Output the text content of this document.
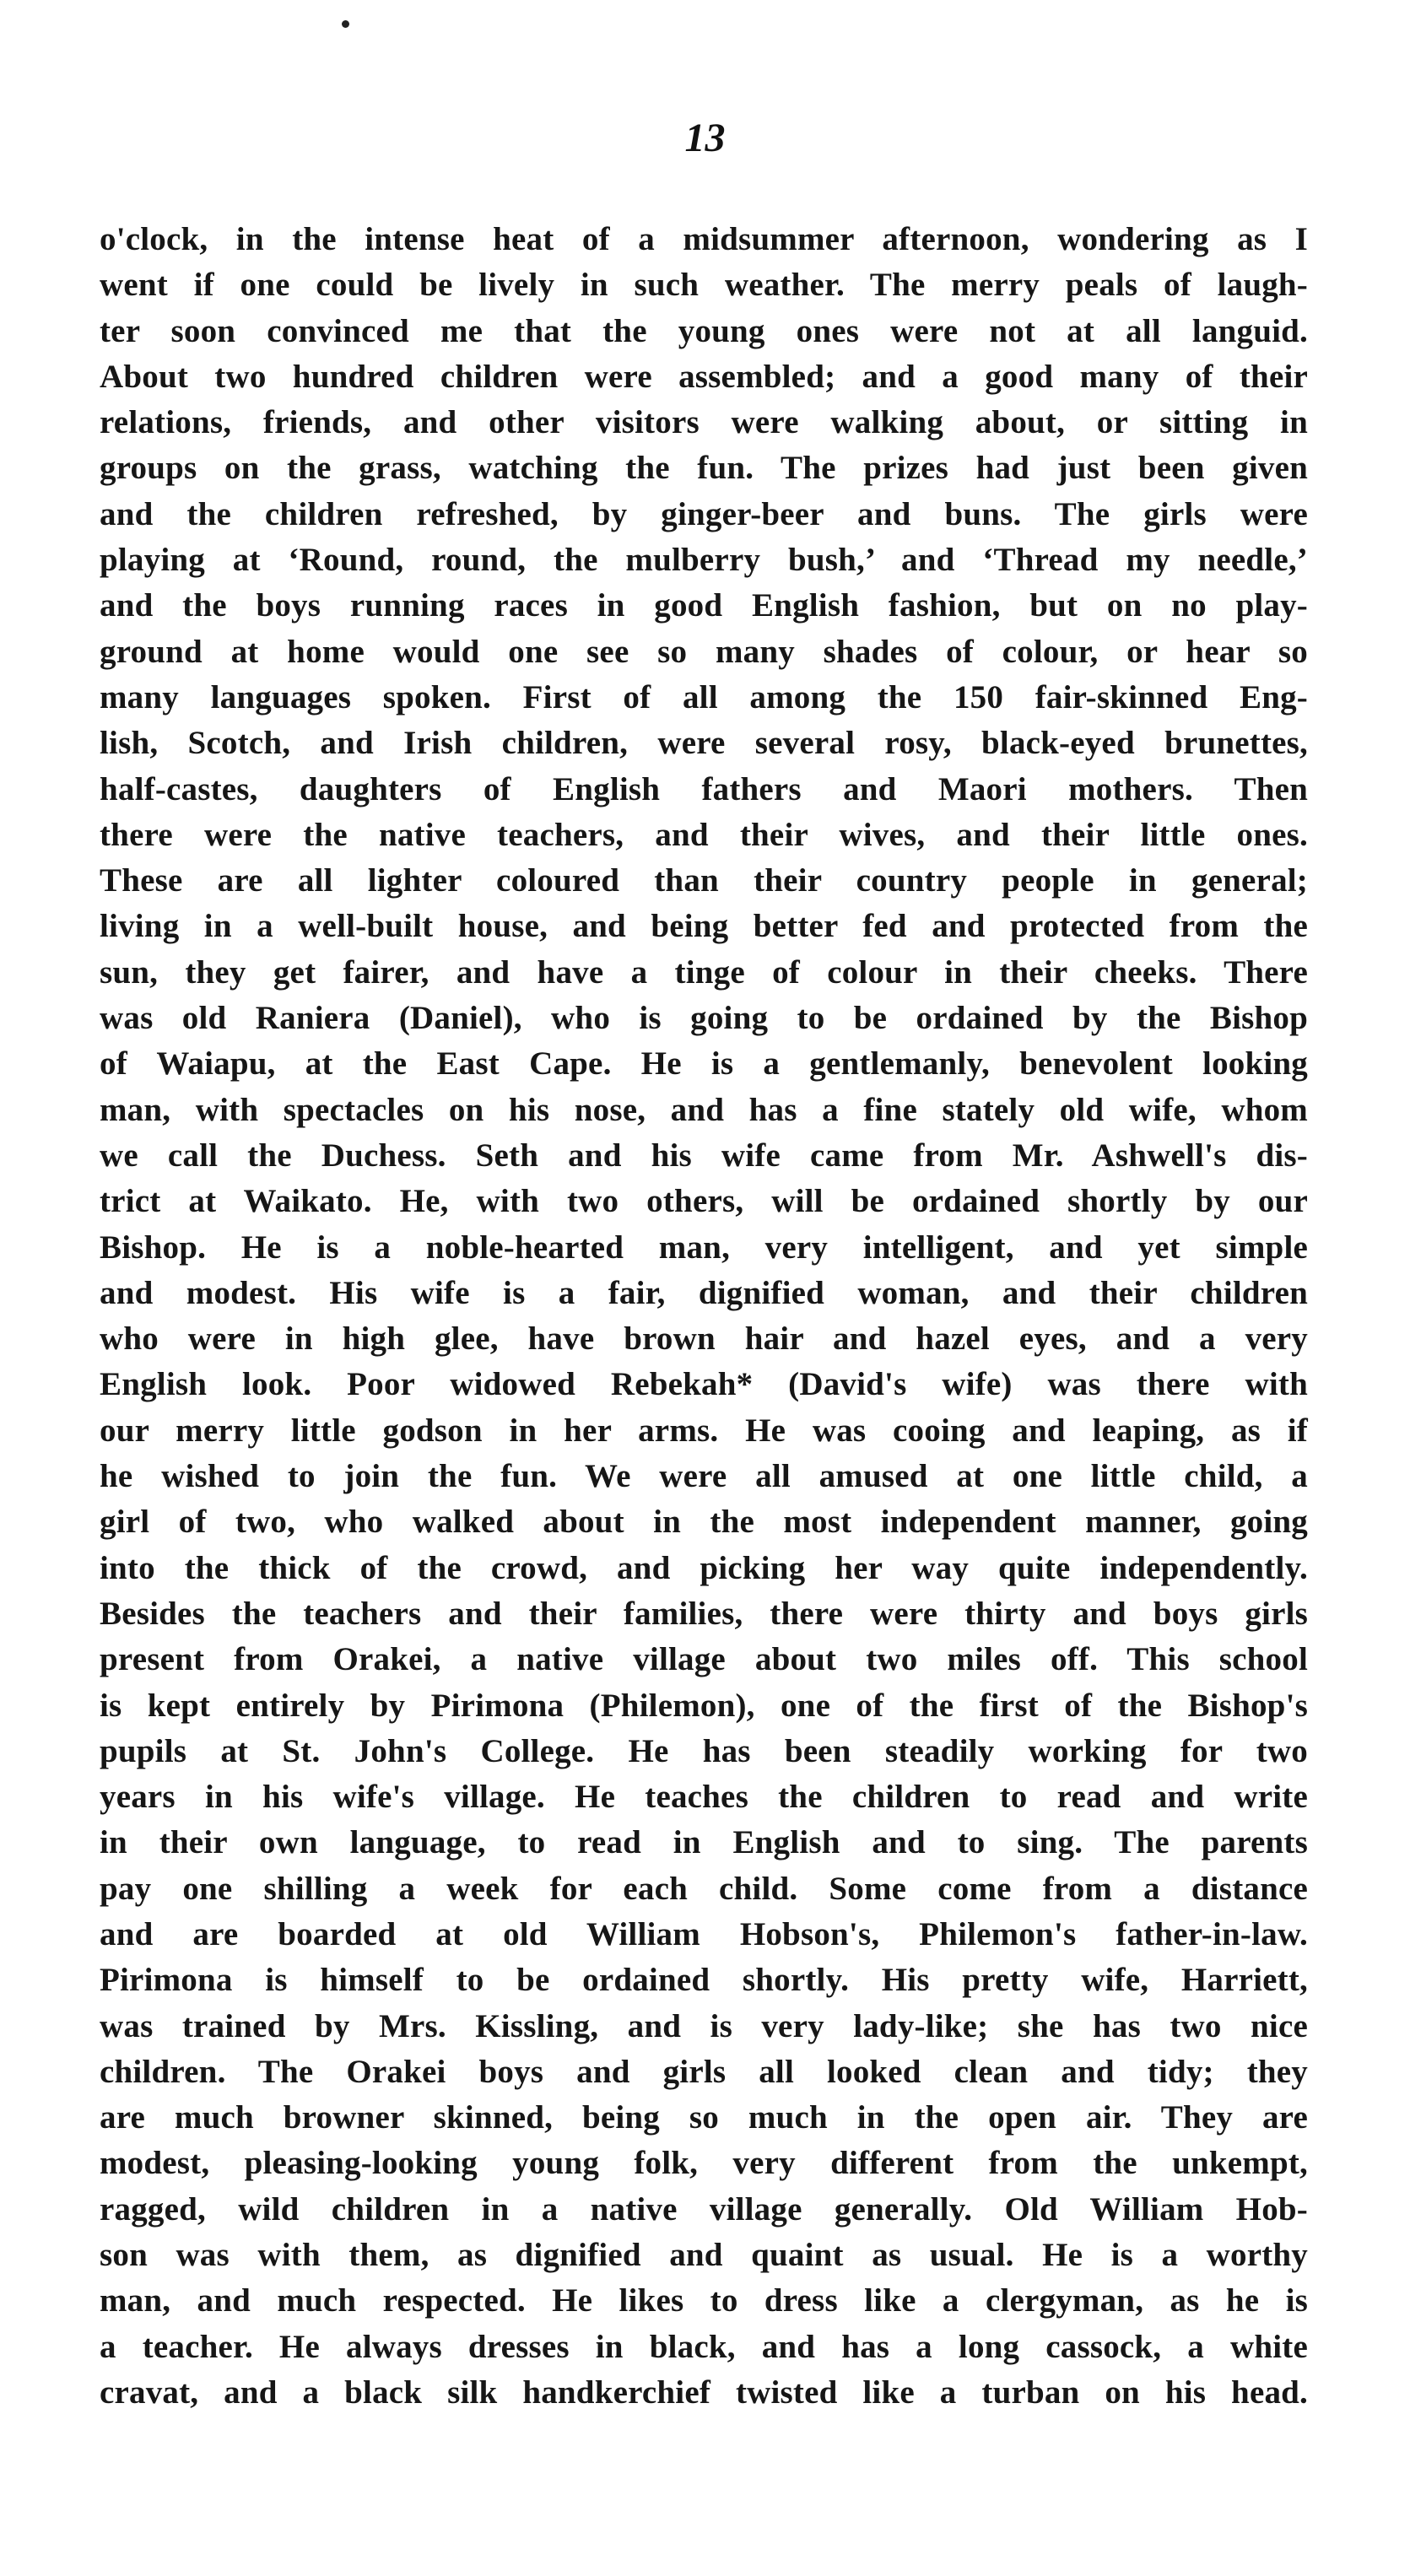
13
o'clock, in the intense heat of a midsummer afternoon, wondering as I
went if one could be lively in such weather. The merry peals of laugh-
ter soon convinced me that the young ones were not at all languid.
About two hundred children were assembled; and a good many of their
relations, friends, and other visitors were walking about, or sitting in
groups on the grass, watching the fun. The prizes had just been given
and the children refreshed, by ginger-beer and buns. The girls were
playing at ‘Round, round, the mulberry bush,’ and ‘Thread my needle,’
and the boys running races in good English fashion, but on no play-
ground at home would one see so many shades of colour, or hear so
many languages spoken. First of all among the 150 fair-skinned Eng-
lish, Scotch, and Irish children, were several rosy, black-eyed brunettes,
half-castes, daughters of English fathers and Maori mothers. Then
there were the native teachers, and their wives, and their little ones.
These are all lighter coloured than their country people in general;
living in a well-built house, and being better fed and protected from the
sun, they get fairer, and have a tinge of colour in their cheeks. There
was old Raniera (Daniel), who is going to be ordained by the Bishop
of Waiapu, at the East Cape. He is a gentlemanly, benevolent looking
man, with spectacles on his nose, and has a fine stately old wife, whom
we call the Duchess. Seth and his wife came from Mr. Ashwell's dis-
trict at Waikato. He, with two others, will be ordained shortly by our
Bishop. He is a noble-hearted man, very intelligent, and yet simple
and modest. His wife is a fair, dignified woman, and their children
who were in high glee, have brown hair and hazel eyes, and a very
English look. Poor widowed Rebekah* (David's wife) was there with
our merry little godson in her arms. He was cooing and leaping, as if
he wished to join the fun. We were all amused at one little child, a
girl of two, who walked about in the most independent manner, going
into the thick of the crowd, and picking her way quite independently.
Besides the teachers and their families, there were thirty and boys girls
present from Orakei, a native village about two miles off. This school
is kept entirely by Pirimona (Philemon), one of the first of the Bishop's
pupils at St. John's College. He has been steadily working for two
years in his wife's village. He teaches the children to read and write
in their own language, to read in English and to sing. The parents
pay one shilling a week for each child. Some come from a distance
and are boarded at old William Hobson's, Philemon's father-in-law.
Pirimona is himself to be ordained shortly. His pretty wife, Harriett,
was trained by Mrs. Kissling, and is very lady-like; she has two nice
children. The Orakei boys and girls all looked clean and tidy; they
are much browner skinned, being so much in the open air. They are
modest, pleasing-looking young folk, very different from the unkempt,
ragged, wild children in a native village generally. Old William Hob-
son was with them, as dignified and quaint as usual. He is a worthy
man, and much respected. He likes to dress like a clergyman, as he is
a teacher. He always dresses in black, and has a long cassock, a white
cravat, and a black silk handkerchief twisted like a turban on his head.
